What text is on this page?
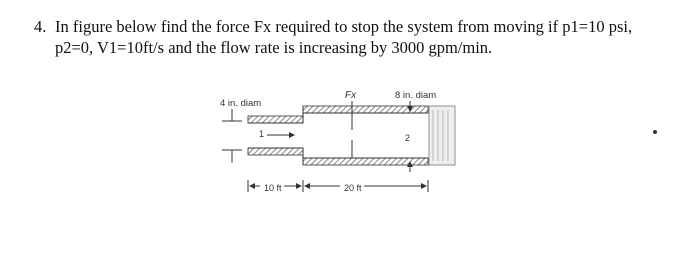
4. In figure below find the force Fx required to stop the system from moving if p1=10 psi,
p2=0, V1=10ft/s and the flow rate is increasing by 3000 gpm/min.
4 in. diam
8 in. diam
Fx
1	2
10 ft	20 ft
